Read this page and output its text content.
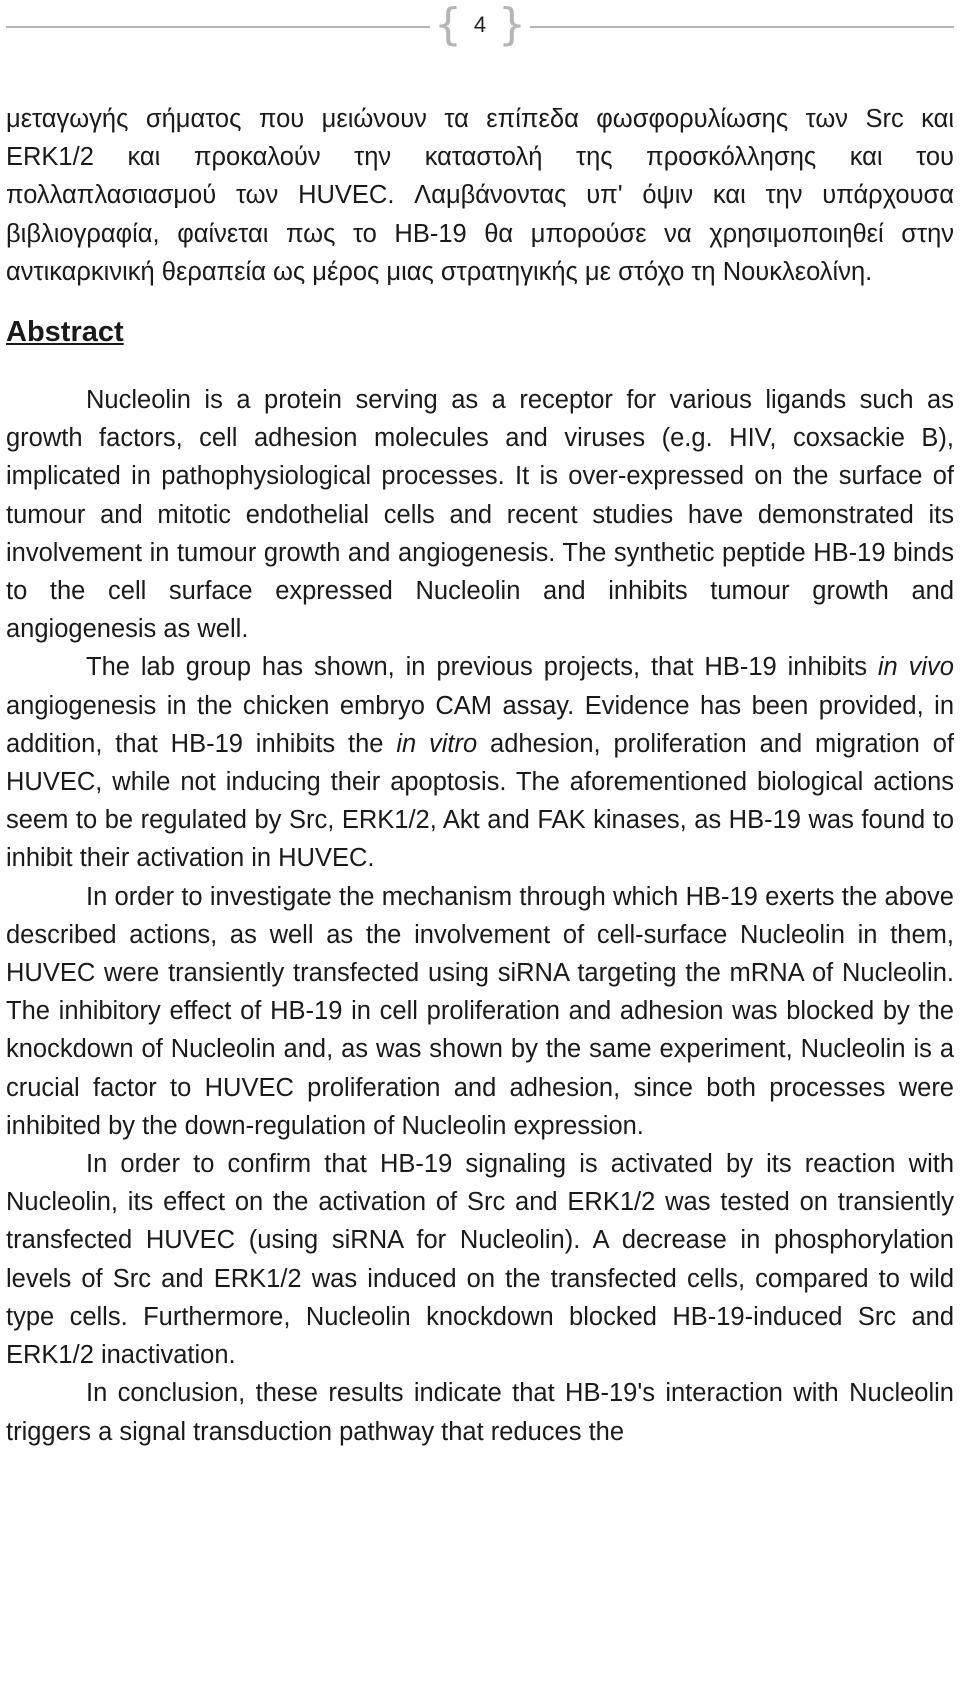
{ 4 }

μεταγωγής σήματος που μειώνουν τα επίπεδα φωσφορυλίωσης των Src και ERK1/2 και προκαλούν την καταστολή της προσκόλλησης και του πολλαπλασιασμού των HUVEC. Λαμβάνοντας υπ' όψιν και την υπάρχουσα βιβλιογραφία, φαίνεται πως το HB-19 θα μπορούσε να χρησιμοποιηθεί στην αντικαρκινική θεραπεία ως μέρος μιας στρατηγικής με στόχο τη Νουκλεολίνη.

Abstract

Nucleolin is a protein serving as a receptor for various ligands such as growth factors, cell adhesion molecules and viruses (e.g. HIV, coxsackie B), implicated in pathophysiological processes. It is over-expressed on the surface of tumour and mitotic endothelial cells and recent studies have demonstrated its involvement in tumour growth and angiogenesis. The synthetic peptide HB-19 binds to the cell surface expressed Nucleolin and inhibits tumour growth and angiogenesis as well.

The lab group has shown, in previous projects, that HB-19 inhibits in vivo angiogenesis in the chicken embryo CAM assay. Evidence has been provided, in addition, that HB-19 inhibits the in vitro adhesion, proliferation and migration of HUVEC, while not inducing their apoptosis. The aforementioned biological actions seem to be regulated by Src, ERK1/2, Akt and FAK kinases, as HB-19 was found to inhibit their activation in HUVEC.

In order to investigate the mechanism through which HB-19 exerts the above described actions, as well as the involvement of cell-surface Nucleolin in them, HUVEC were transiently transfected using siRNA targeting the mRNA of Nucleolin. The inhibitory effect of HB-19 in cell proliferation and adhesion was blocked by the knockdown of Nucleolin and, as was shown by the same experiment, Nucleolin is a crucial factor to HUVEC proliferation and adhesion, since both processes were inhibited by the down-regulation of Nucleolin expression.

In order to confirm that HB-19 signaling is activated by its reaction with Nucleolin, its effect on the activation of Src and ERK1/2 was tested on transiently transfected HUVEC (using siRNA for Nucleolin). A decrease in phosphorylation levels of Src and ERK1/2 was induced on the transfected cells, compared to wild type cells. Furthermore, Nucleolin knockdown blocked HB-19-induced Src and ERK1/2 inactivation.

In conclusion, these results indicate that HB-19's interaction with Nucleolin triggers a signal transduction pathway that reduces the
